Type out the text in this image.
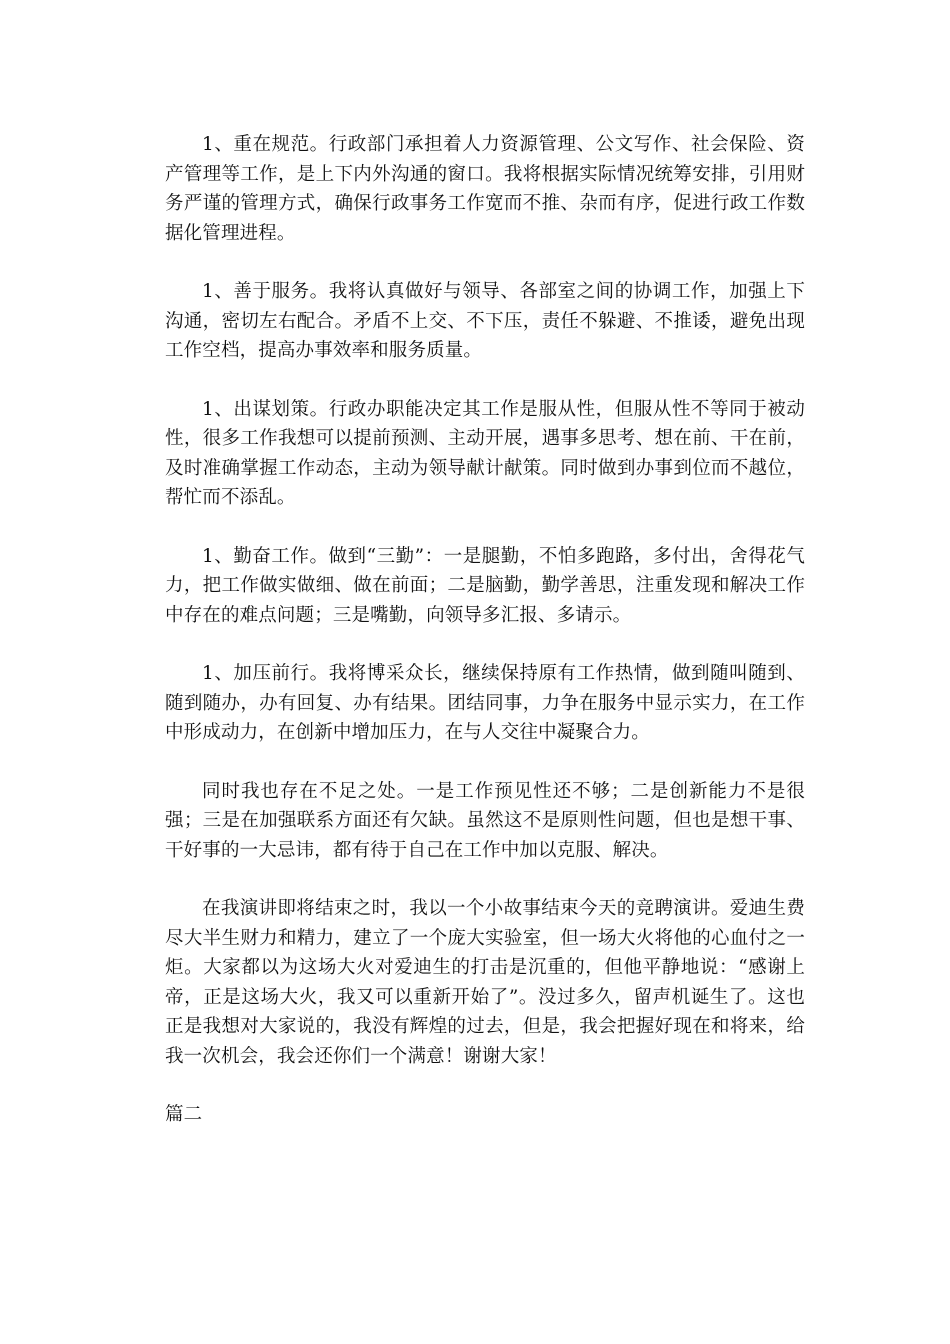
1、重在规范。行政部门承担着人力资源管理、公文写作、社会保险、资产管理等工作，是上下内外沟通的窗口。我将根据实际情况统筹安排，引用财务严谨的管理方式，确保行政事务工作宽而不推、杂而有序，促进行政工作数据化管理进程。

1、善于服务。我将认真做好与领导、各部室之间的协调工作，加强上下沟通，密切左右配合。矛盾不上交、不下压，责任不躲避、不推诿，避免出现工作空档，提高办事效率和服务质量。

1、出谋划策。行政办职能决定其工作是服从性，但服从性不等同于被动性，很多工作我想可以提前预测、主动开展，遇事多思考、想在前、干在前，及时准确掌握工作动态，主动为领导献计献策。同时做到办事到位而不越位，帮忙而不添乱。

1、勤奋工作。做到“三勤”：一是腿勤，不怕多跑路，多付出，舍得花气力，把工作做实做细、做在前面；二是脑勤，勤学善思，注重发现和解决工作中存在的难点问题；三是嘴勤，向领导多汇报、多请示。

1、加压前行。我将博采众长，继续保持原有工作热情，做到随叫随到、随到随办，办有回复、办有结果。团结同事，力争在服务中显示实力，在工作中形成动力，在创新中增加压力，在与人交往中凝聚合力。

同时我也存在不足之处。一是工作预见性还不够；二是创新能力不是很强；三是在加强联系方面还有欠缺。虽然这不是原则性问题，但也是想干事、干好事的一大忌讳，都有待于自己在工作中加以克服、解决。

在我演讲即将结束之时，我以一个小故事结束今天的竞聘演讲。爱迪生费尽大半生财力和精力，建立了一个庞大实验室，但一场大火将他的心血付之一炬。大家都以为这场大火对爱迪生的打击是沉重的，但他平静地说：“感谢上帝，正是这场大火，我又可以重新开始了”。没过多久，留声机诞生了。这也正是我想对大家说的，我没有辉煌的过去，但是，我会把握好现在和将来，给我一次机会，我会还你们一个满意！谢谢大家！

篇二
